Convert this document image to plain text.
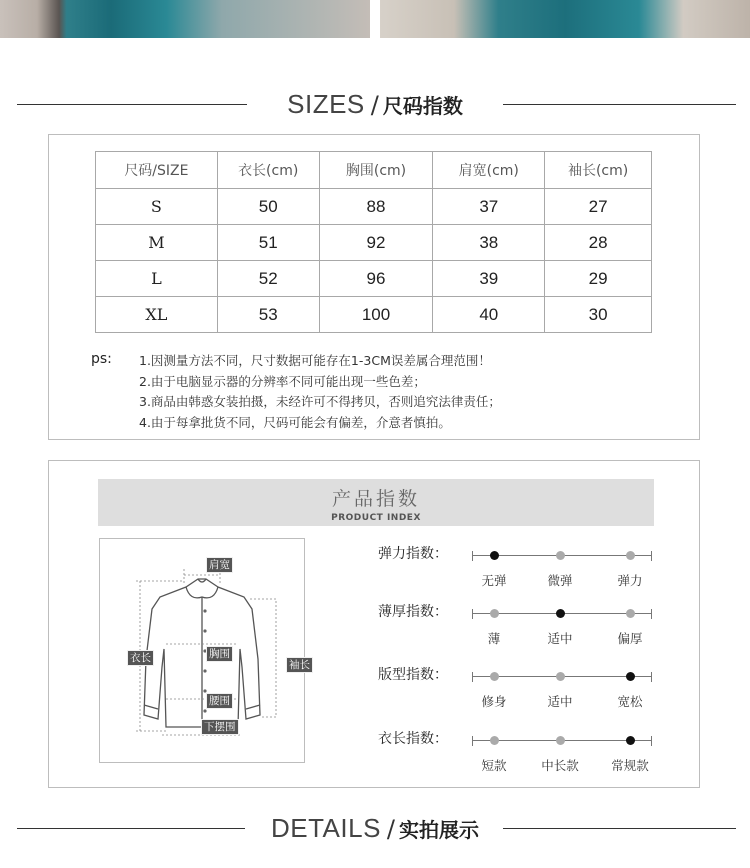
SIZES / 尺码指数
尺码/SIZE	衣长(cm)	胸围(cm)	肩宽(cm)	袖长(cm)
S	50	88	37	27
M	51	92	38	28
L	52	96	39	29
XL	53	100	40	30
ps: 1.因测量方法不同，尺寸数据可能存在1-3CM误差属合理范围！
2.由于电脑显示器的分辨率不同可能出现一些色差；
3.商品由韩惑女装拍摄，未经许可不得拷贝，否则追究法律责任；
4.由于每拿批货不同，尺码可能会有偏差，介意者慎拍。
产品指数
PRODUCT INDEX
肩宽
衣长	胸围
袖长
腰围
下摆围
弹力指数：
无弹	微弹	弹力
薄厚指数：
薄	适中	偏厚
版型指数：
修身	适中	宽松
衣长指数：
短款	中长款	常规款
DETAILS / 实拍展示
